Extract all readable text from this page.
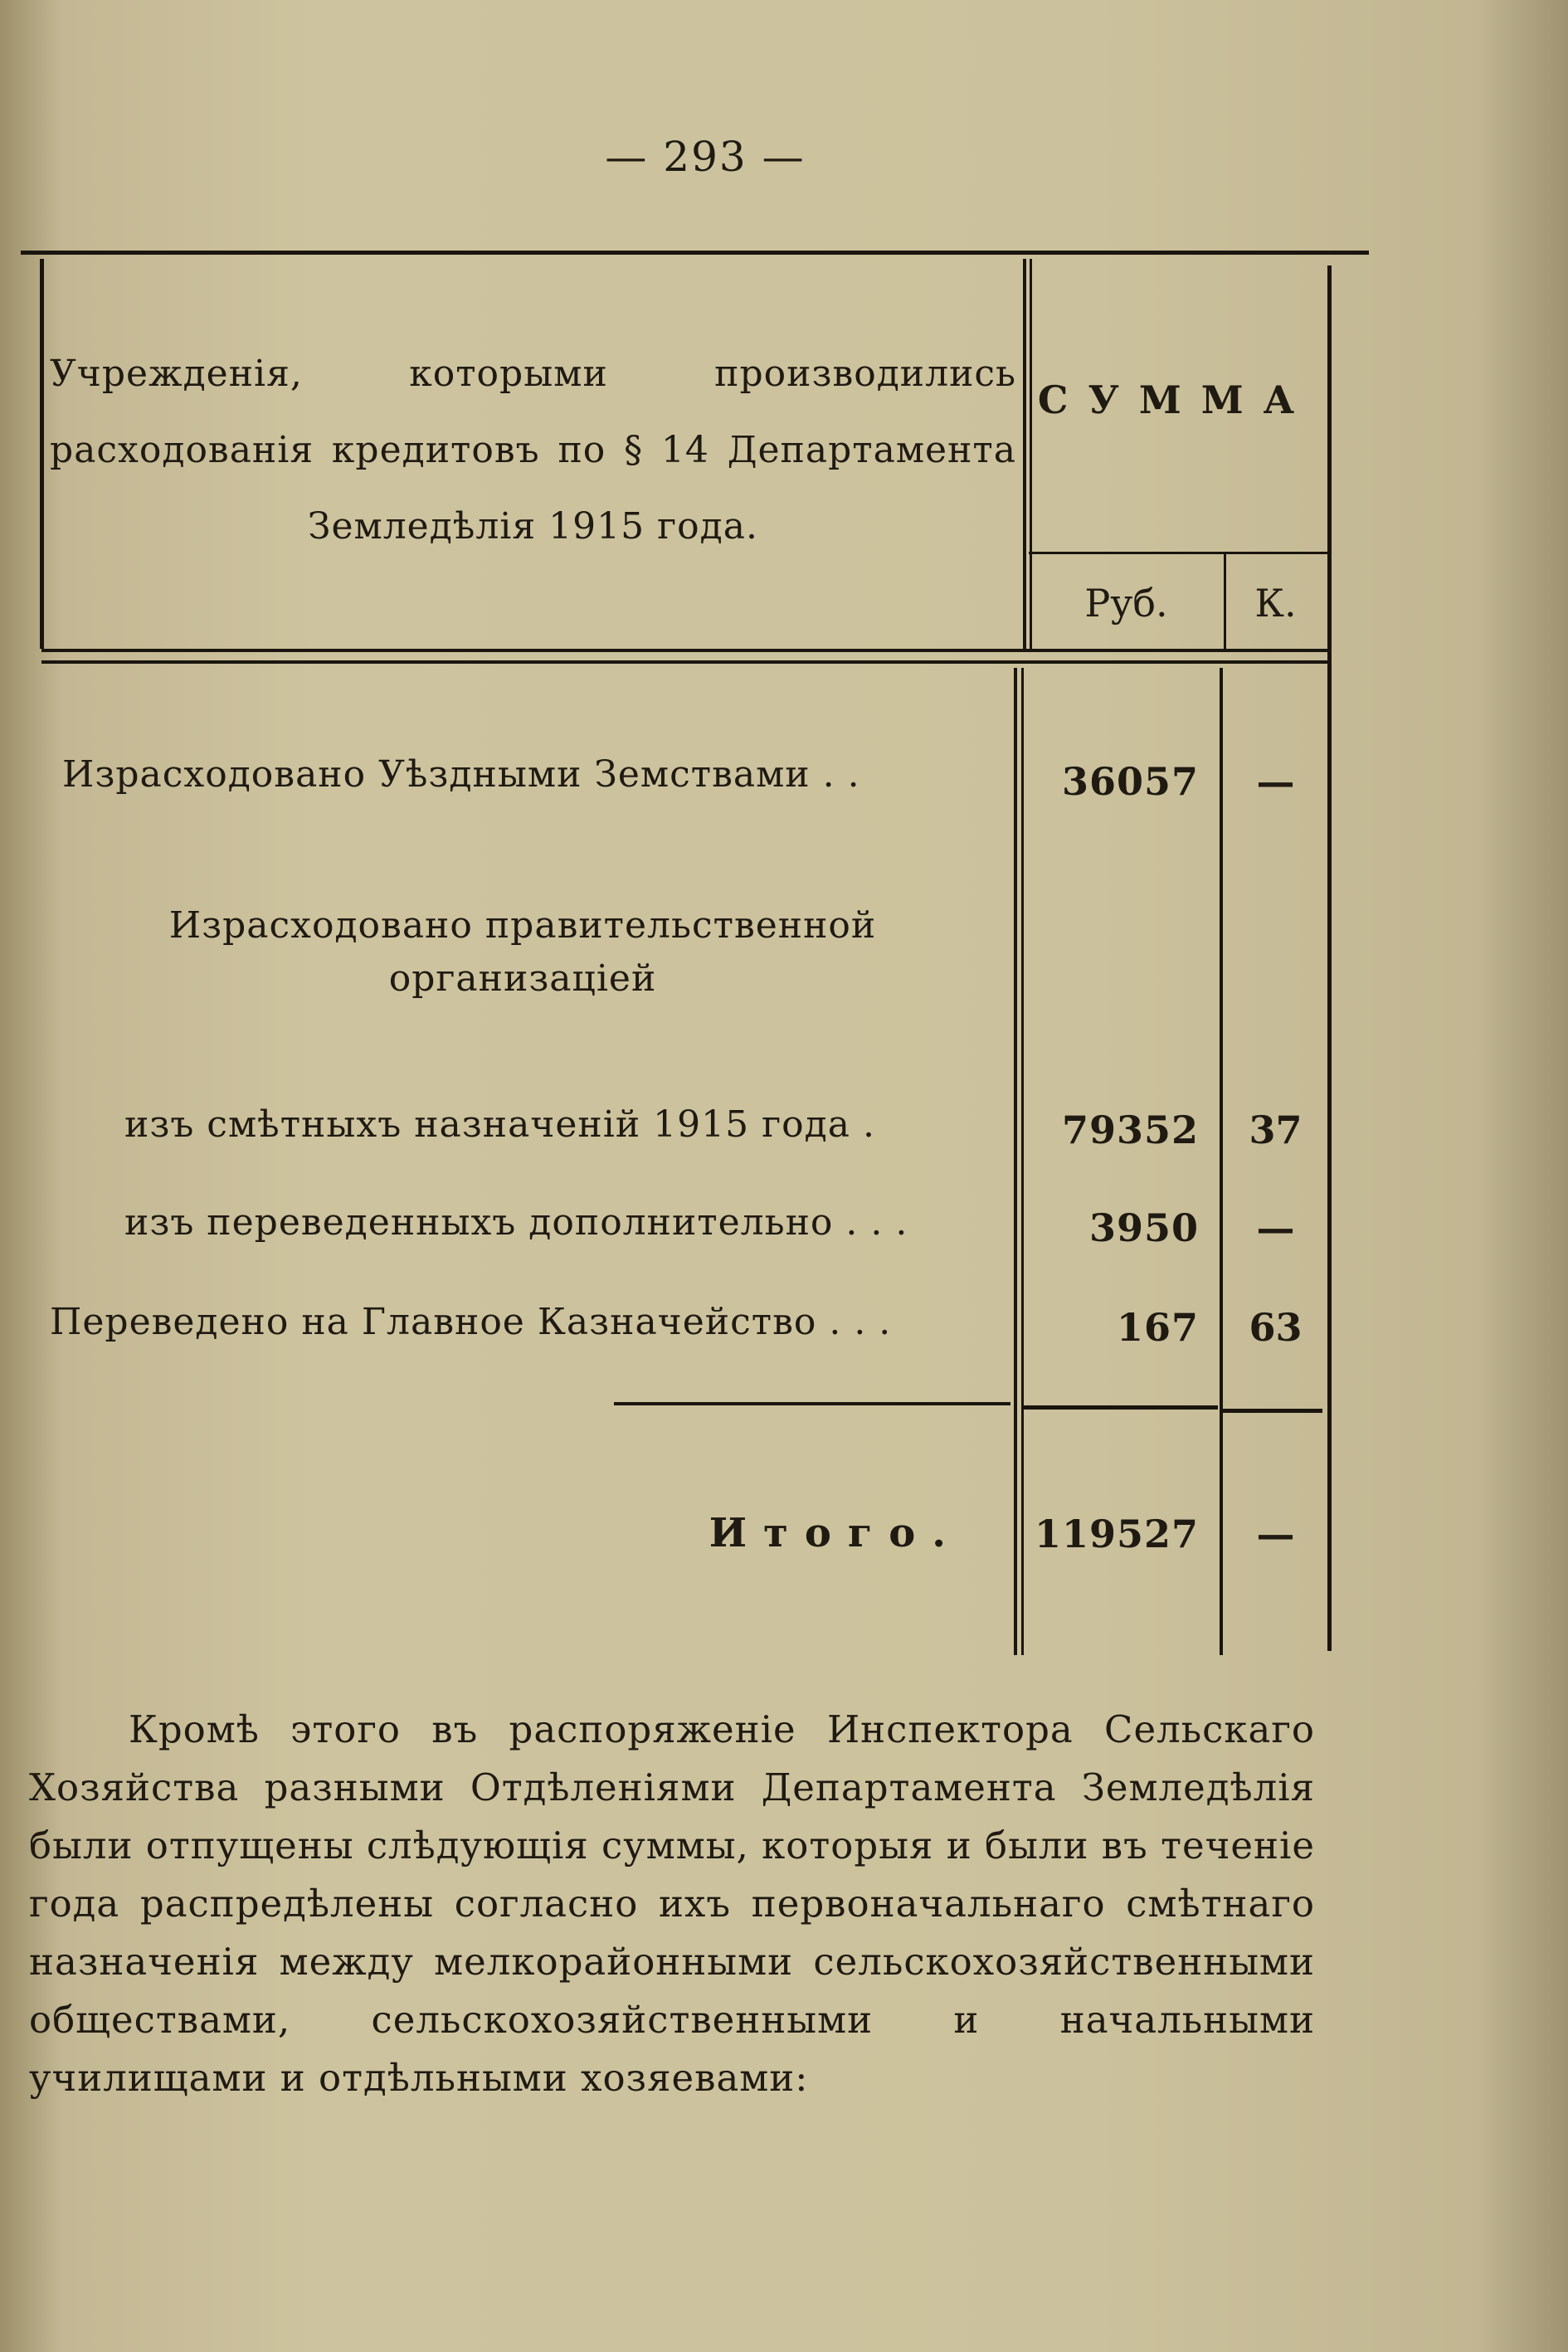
— 293 —
Учрежденія, которыми производились расходованія кредитовъ по § 14 Департамента Земледѣлія 1915 года.
СУММА
Руб.	К.
Израсходовано Уѣздными Земствами . .	36057	—
Израсходовано правительственной организаціей
изъ смѣтныхъ назначеній 1915 года .	79352	37
изъ переведенныхъ дополнительно . . .	3950	—
Переведено на Главное Казначейство . . .	167	63
Итого. 119527	—
Кромѣ этого въ распоряженіе Инспектора Сельскаго Хозяйства разными Отдѣленіями Департамента Земледѣлія были отпущены слѣдующія суммы, которыя и были въ теченіе года распредѣлены согласно ихъ первоначальнаго смѣтнаго назначенія между мелкорайонными сельскохозяйственными обществами, сельскохозяйственными и начальными училищами и отдѣльными хозяевами:
